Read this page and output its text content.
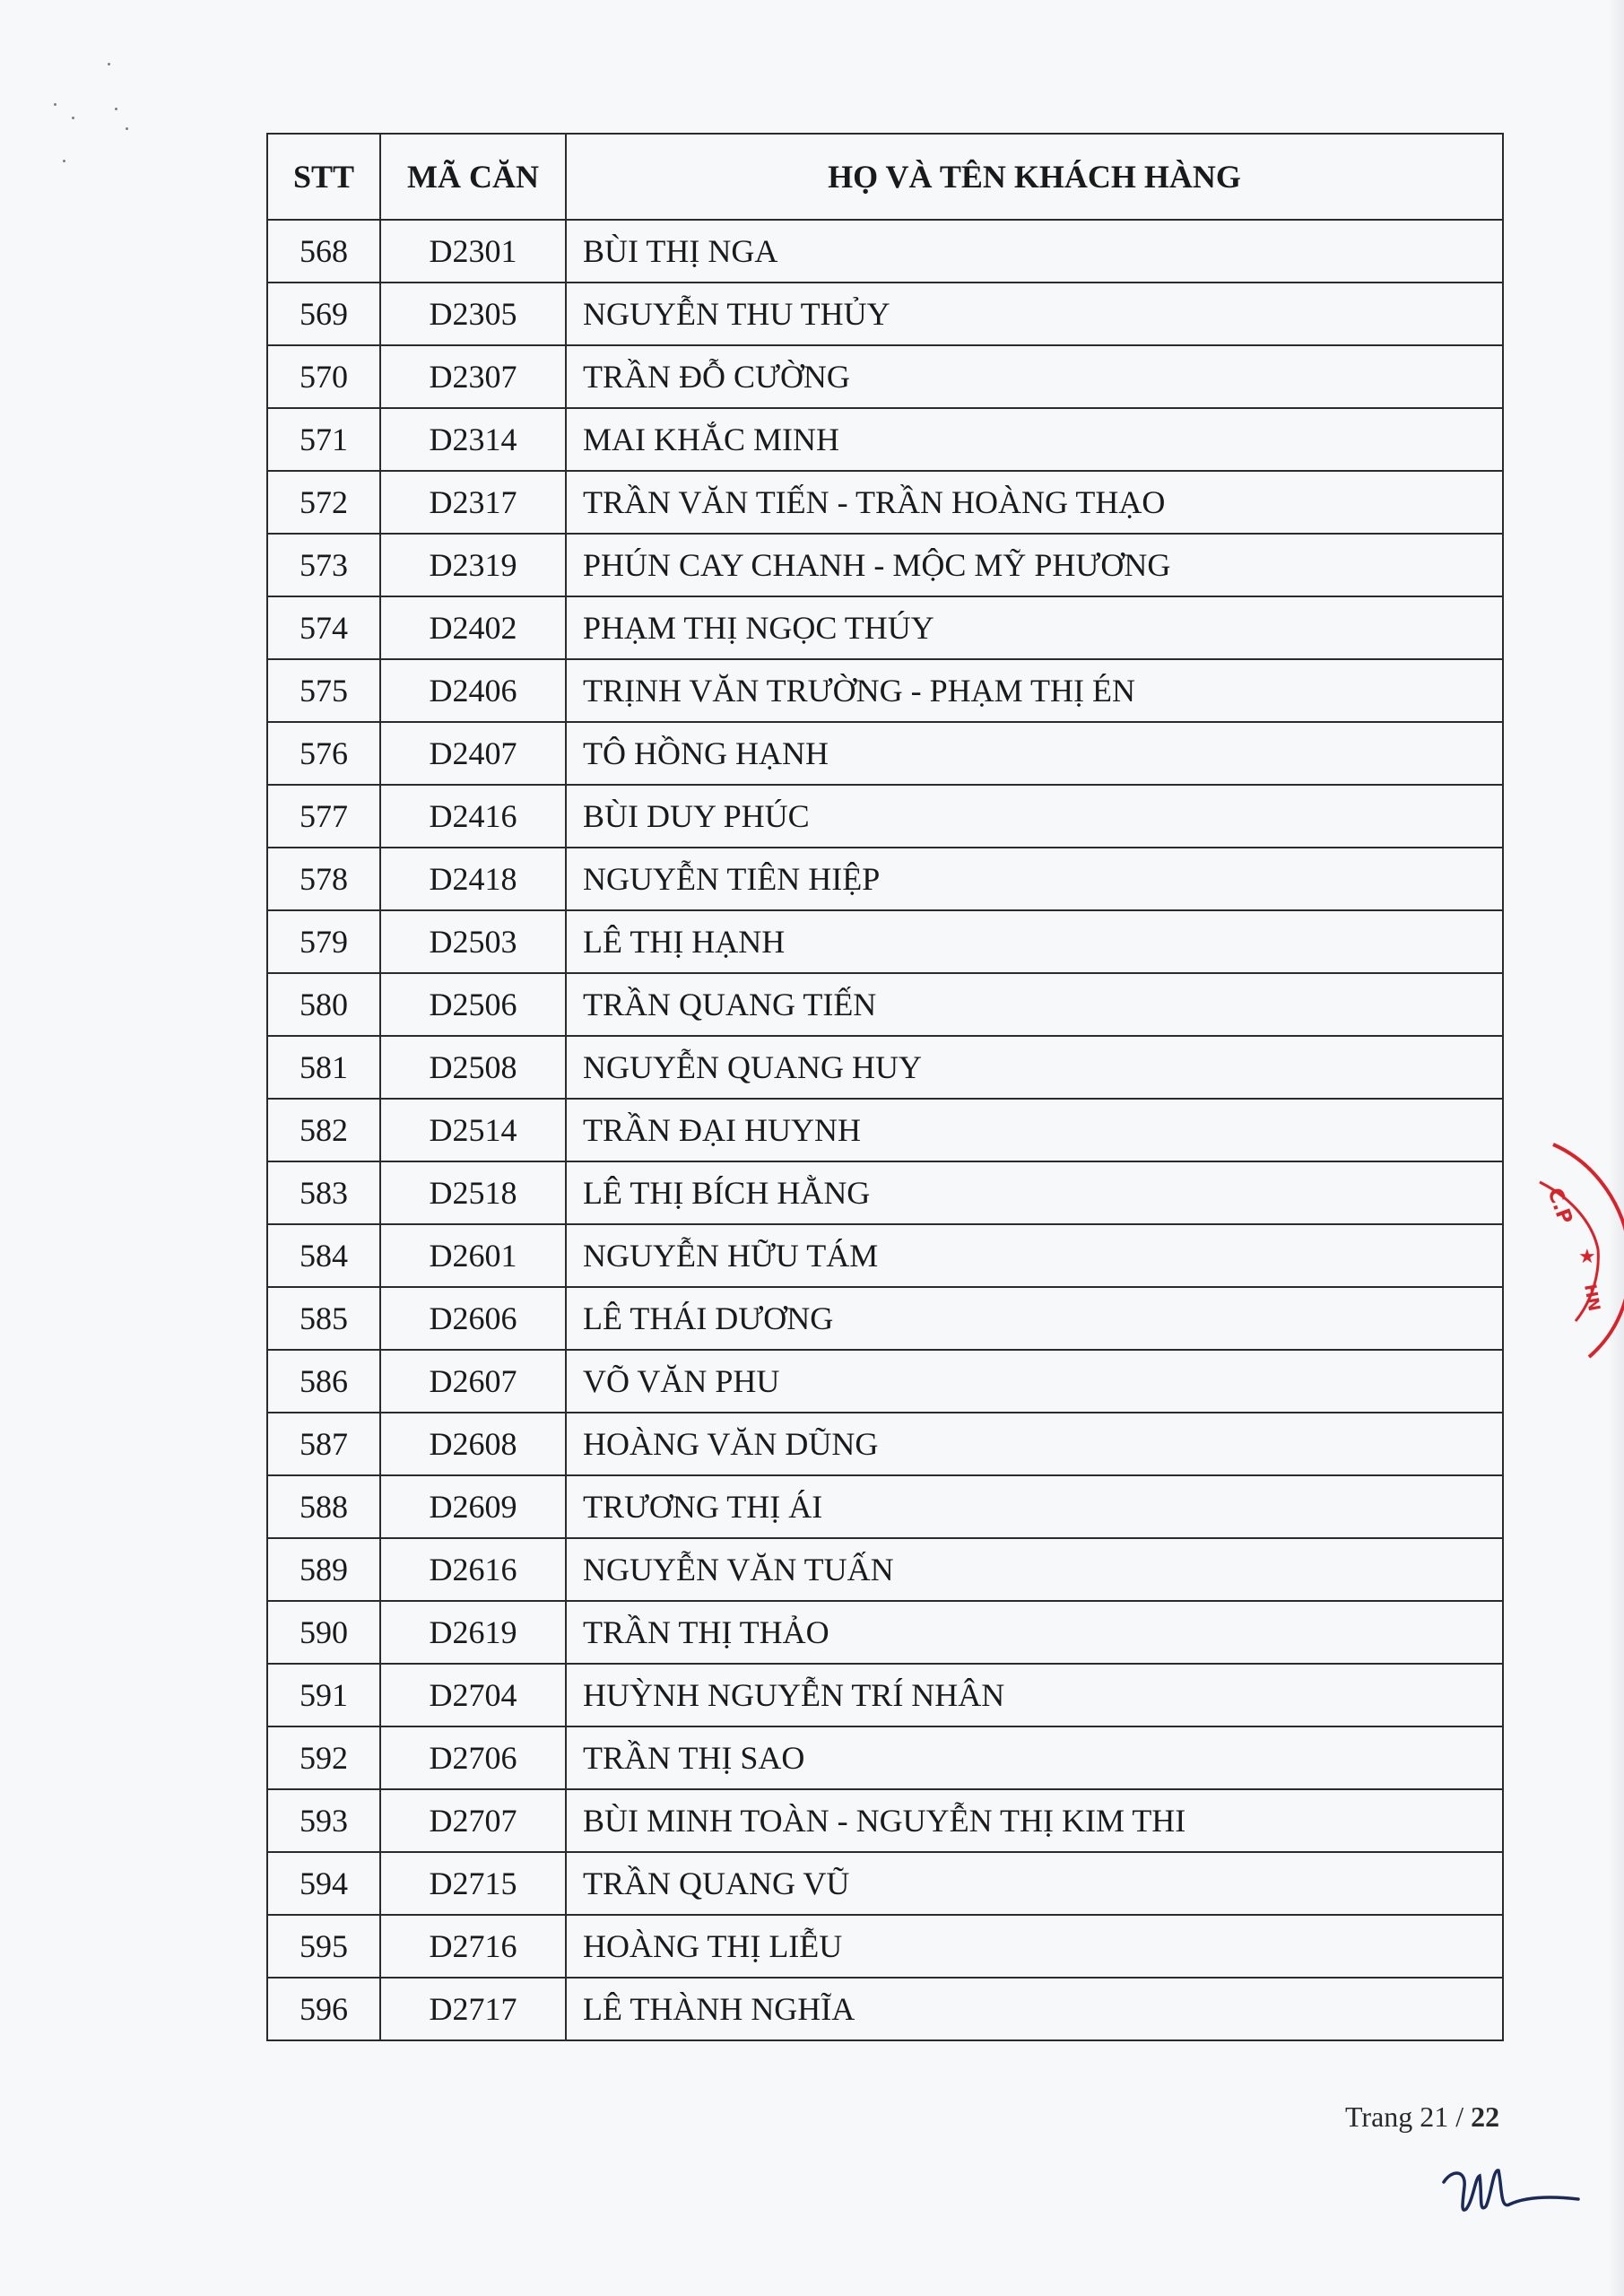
STT	MÃ CĂN	HỌ VÀ TÊN KHÁCH HÀNG
568	D2301	BÙI THỊ NGA
569	D2305	NGUYỄN THU THỦY
570	D2307	TRẦN ĐỖ CƯỜNG
571	D2314	MAI KHẮC MINH
572	D2317	TRẦN VĂN TIẾN - TRẦN HOÀNG THẠO
573	D2319	PHÚN CAY CHANH - MỘC MỸ PHƯƠNG
574	D2402	PHẠM THỊ NGỌC THÚY
575	D2406	TRỊNH VĂN TRƯỜNG - PHẠM THỊ ÉN
576	D2407	TÔ HỒNG HẠNH
577	D2416	BÙI DUY PHÚC
578	D2418	NGUYỄN TIÊN HIỆP
579	D2503	LÊ THỊ HẠNH
580	D2506	TRẦN QUANG TIẾN
581	D2508	NGUYỄN QUANG HUY
582	D2514	TRẦN ĐẠI HUYNH
583	D2518	LÊ THỊ BÍCH HẰNG
584	D2601	NGUYỄN HỮU TÁM
585	D2606	LÊ THÁI DƯƠNG
586	D2607	VÕ VĂN PHU
587	D2608	HOÀNG VĂN DŨNG
588	D2609	TRƯƠNG THỊ ÁI
589	D2616	NGUYỄN VĂN TUẤN
590	D2619	TRẦN THỊ THẢO
591	D2704	HUỲNH NGUYỄN TRÍ NHÂN
592	D2706	TRẦN THỊ SAO
593	D2707	BÙI MINH TOÀN - NGUYỄN THỊ KIM THI
594	D2715	TRẦN QUANG VŨ
595	D2716	HOÀNG THỊ LIỄU
596	D2717	LÊ THÀNH NGHĨA
C.P
★
HN
Trang 21 / 22
